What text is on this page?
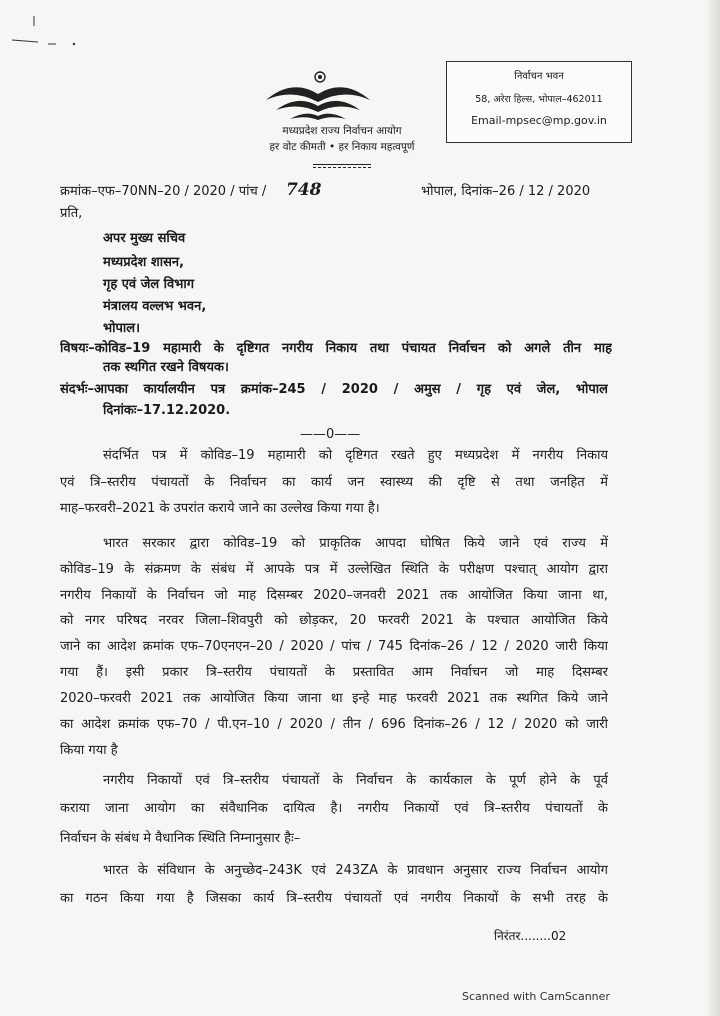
मध्यप्रदेश राज्य निर्वाचन आयोग
हर वोट कीमती • हर निकाय महत्वपूर्ण
निर्वाचन भवन
58, अरेरा हिल्स, भोपाल–462011
Email-mpsec@mp.gov.in
क्रमांक–एफ–70NN–20 / 2020 / पांच / 748	भोपाल, दिनांक–26 / 12 / 2020
प्रति,
अपर मुख्य सचिव
मध्यप्रदेश शासन,
गृह एवं जेल विभाग
मंत्रालय वल्लभ भवन,
भोपाल।
विषयः–कोविड–19 महामारी के दृष्टिगत नगरीय निकाय तथा पंचायत निर्वाचन को अगले तीन माह
तक स्थगित रखने विषयक।
संदर्भः–आपका कार्यालयीन पत्र क्रमांक–245 / 2020 / अमुस / गृह एवं जेल, भोपाल
दिनांकः–17.12.2020.
——0——
संदर्भित पत्र में कोविड–19 महामारी को दृष्टिगत रखते हुए मध्यप्रदेश में नगरीय निकाय
एवं त्रि–स्तरीय पंचायतों के निर्वाचन का कार्य जन स्वास्थ्य की दृष्टि से तथा जनहित में
माह–फरवरी–2021 के उपरांत कराये जाने का उल्लेख किया गया है।
भारत सरकार द्वारा कोविड–19 को प्राकृतिक आपदा घोषित किये जाने एवं राज्य में
कोविड–19 के संक्रमण के संबंध में आपके पत्र में उल्लेखित स्थिति के परीक्षण पश्चात् आयोग द्वारा
नगरीय निकायों के निर्वाचन जो माह दिसम्बर 2020–जनवरी 2021 तक आयोजित किया जाना था,
को नगर परिषद नरवर जिला–शिवपुरी को छोड़कर, 20 फरवरी 2021 के पश्चात आयोजित किये
जाने का आदेश क्रमांक एफ–70एनएन–20 / 2020 / पांच / 745 दिनांक–26 / 12 / 2020 जारी किया
गया हैं। इसी प्रकार त्रि–स्तरीय पंचायतों के प्रस्तावित आम निर्वाचन जो माह दिसम्बर
2020–फरवरी 2021 तक आयोजित किया जाना था इन्हे माह फरवरी 2021 तक स्थगित किये जाने
का आदेश क्रमांक एफ–70 / पी.एन–10 / 2020 / तीन / 696 दिनांक–26 / 12 / 2020 को जारी
किया गया है
नगरीय निकायों एवं त्रि–स्तरीय पंचायतों के निर्वाचन के कार्यकाल के पूर्ण होने के पूर्व
कराया जाना आयोग का संवैधानिक दायित्व है। नगरीय निकायों एवं त्रि–स्तरीय पंचायतों के
निर्वाचन के संबंध मे वैधानिक स्थिति निम्नानुसार हैः–
भारत के संविधान के अनुच्छेद–243K एवं 243ZA के प्रावधान अनुसार राज्य निर्वाचन आयोग
का गठन किया गया है जिसका कार्य त्रि–स्तरीय पंचायतों एवं नगरीय निकायों के सभी तरह के
निरंतर........02
Scanned with CamScanner
